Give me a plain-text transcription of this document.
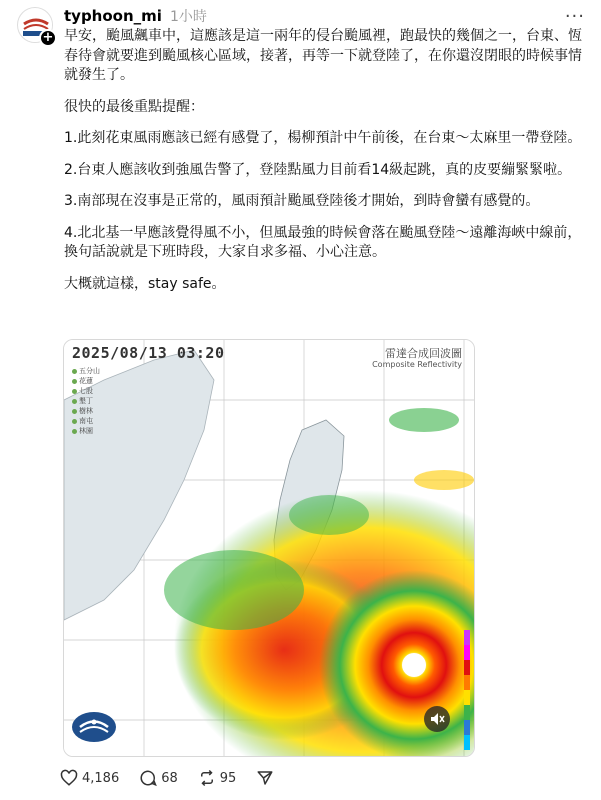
+
typhoon_mi 1小時	···

早安，颱風飆車中，這應該是這一兩年的侵台颱風裡，跑最快的幾個之一，台東、恆春待會就要進到颱風核心區域，接著，再等一下就登陸了，在你還沒閉眼的時候事情就發生了。

很快的最後重點提醒：

1.此刻花東風雨應該已經有感覺了，楊柳預計中午前後，在台東～太麻里一帶登陸。

2.台東人應該收到強風告警了，登陸點風力目前看14級起跳，真的皮要繃緊緊啦。

3.南部現在沒事是正常的，風雨預計颱風登陸後才開始，到時會蠻有感覺的。

4.北北基一早應該覺得風不小，但風最強的時候會落在颱風登陸～遠離海峽中線前，換句話說就是下班時段，大家自求多福、小心注意。

大概就這樣，stay safe。

2025/08/13 03:20	雷達合成回波圖
Composite Reflectivity
五分山
花蓮
七股
墾丁
樹林
南屯
林園
4,186	68	95
